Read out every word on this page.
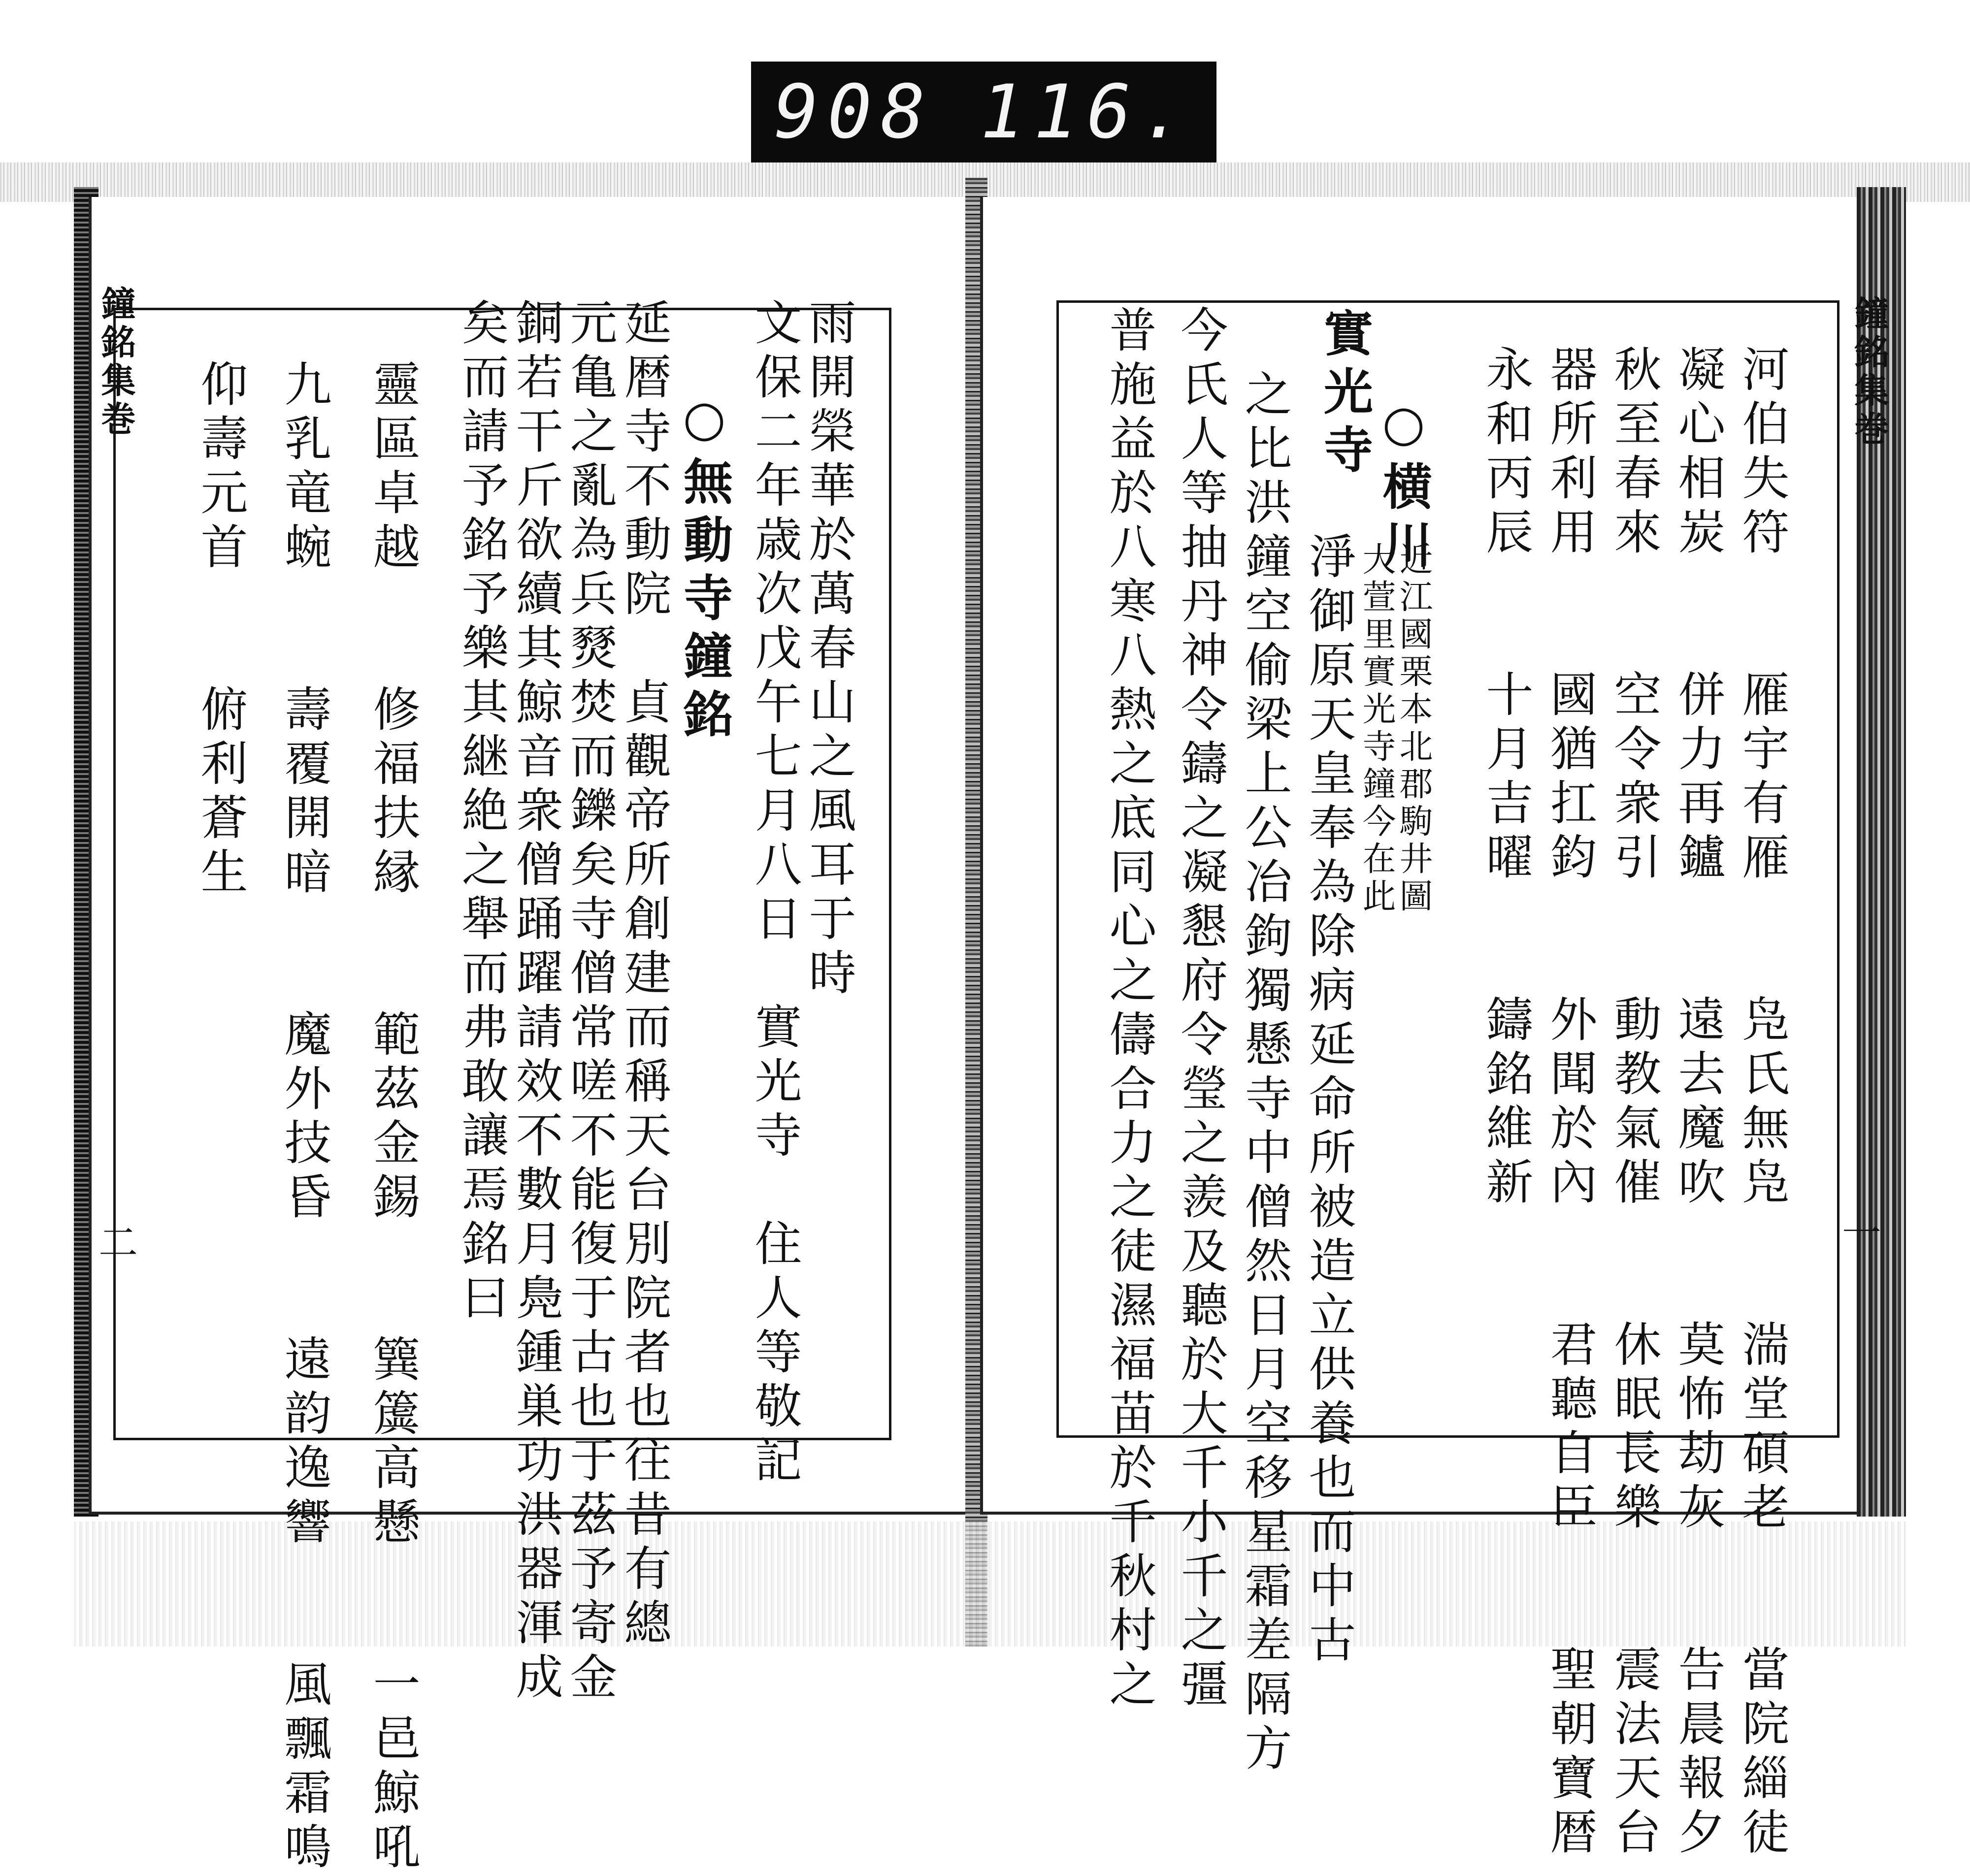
908 116.
鐘銘集巻	鐘銘集巻
二	一
雨開榮華於萬春山之風耳于時
文保二年歳次戊午七月八日　實光寺　住人等敬記
○無動寺鐘銘
延暦寺不動院　貞觀帝所創建而稱天台別院者也往昔有總
元亀之亂為兵燹焚而鑠矣寺僧常嗟不能復于古也于茲予寄金
銅若干斤欲續其鯨音衆僧踊躍請效不數月鳧鍾巣功洪器渾成
矣而請予銘予樂其継絶之舉而弗敢讓焉銘曰
靈區卓越　　修福扶縁　　範茲金錫　　簨簴高懸　　一邑鯨吼
九乳竜蜿　　壽覆開暗　　魔外技昏　　遠韵逸響　　風飄霜鳴
仰壽元首　　俯利蒼生	河伯失符　　雁宇有雁　　凫氏無凫　　湍堂碩老　　當院緇徒
凝心相炭　　併力再鑪　　遠去魔吹　　莫怖劫灰　　告晨報夕
秋至春來　　空令衆引　　動教氣催　　休眠長樂　　震法天台
器所利用　　國猶扛鈞　　外聞於內　　君聽自臣　　聖朝寶暦
永和丙辰　　十月吉曜　　鑄銘維新
○横川
實光寺
近江國栗本北郡駒井圖
大萱里實光寺鐘今在此
淨御原天皇奉為除病延命所被造立供養也而中古
之比洪鐘空偷梁上公冶鉤獨懸寺中僧然日月空移星霜差隔方
今氏人等抽丹神令鑄之凝懇府令瑩之羨及聽於大千小千之彊
普施益於八寒八熱之底同心之儔合力之徒濕福苗於千秋村之
